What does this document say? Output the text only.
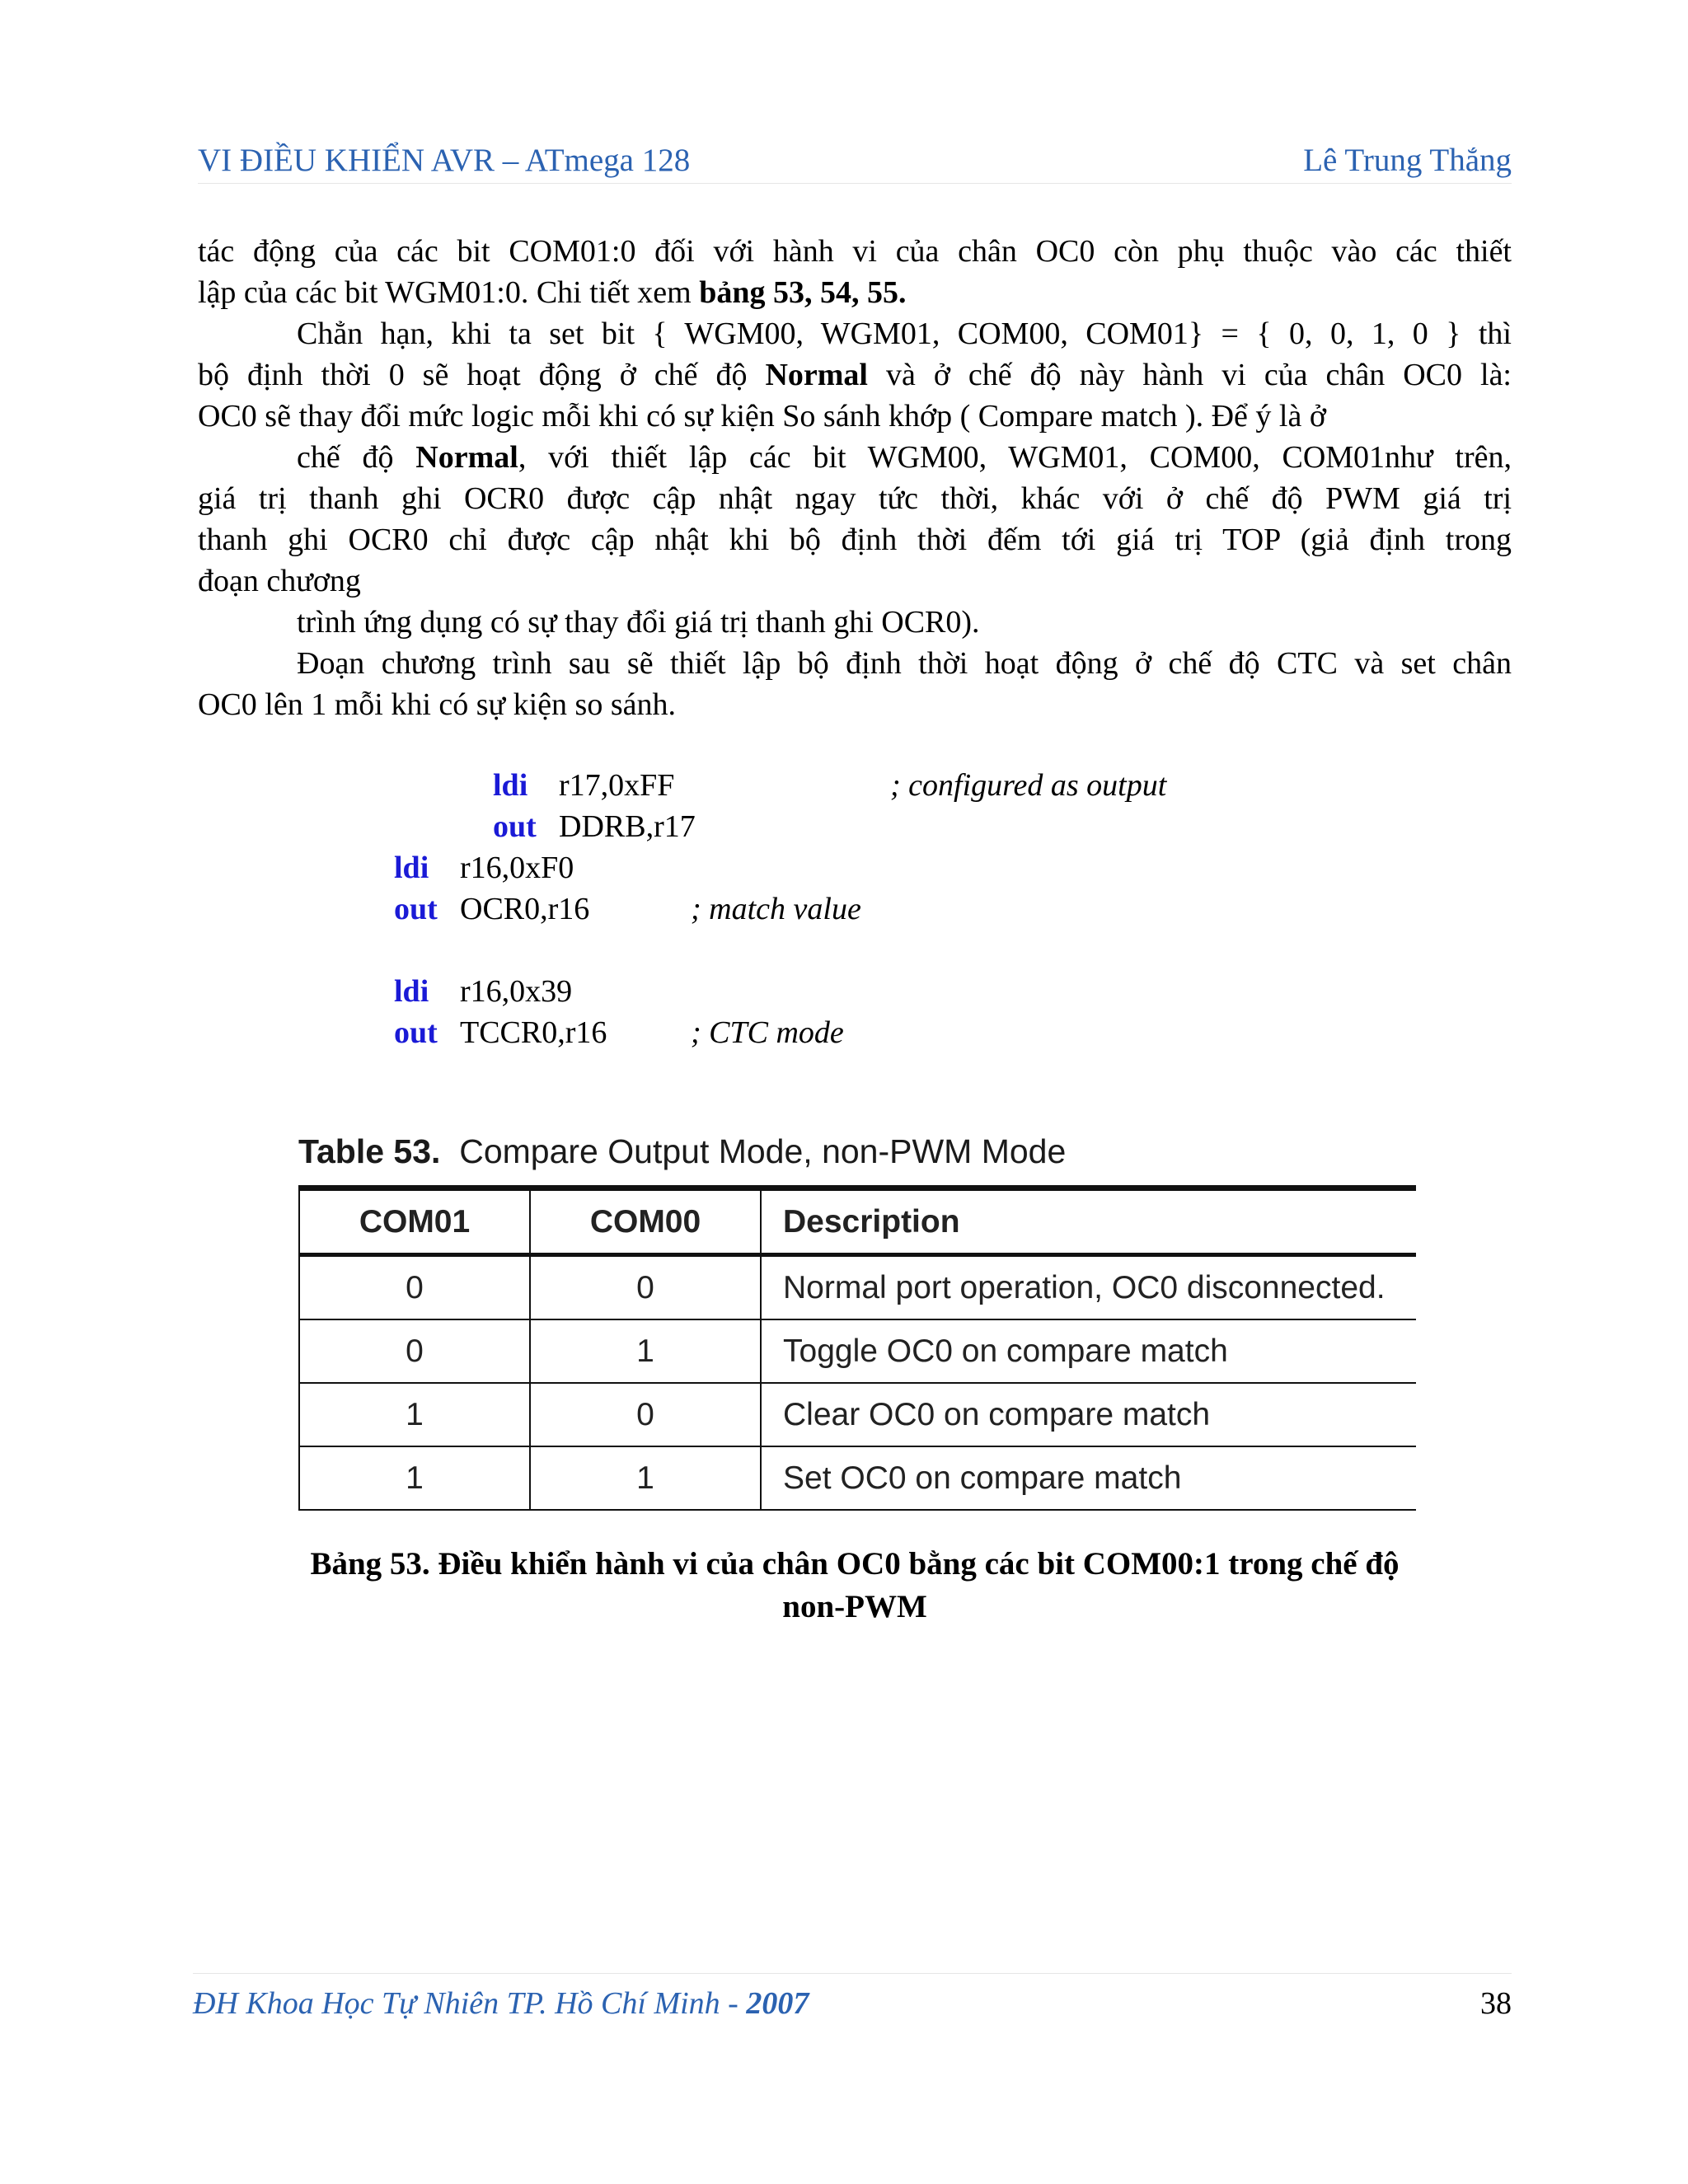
VI ĐIỀU KHIỂN AVR – ATmega 128	Lê Trung Thắng
tác động của các bit COM01:0 đối với hành vi của chân OC0 còn phụ thuộc vào các thiết
lập của các bit WGM01:0. Chi tiết xem bảng 53, 54, 55.
Chẳn hạn, khi ta set bit { WGM00, WGM01, COM00, COM01} = { 0, 0, 1, 0 } thì
bộ định thời 0 sẽ hoạt động ở chế độ Normal và ở chế độ này hành vi của chân OC0 là:
OC0 sẽ thay đổi mức logic mỗi khi có sự kiện So sánh khớp ( Compare match ). Để ý là ở
chế độ Normal, với thiết lập các bit WGM00, WGM01, COM00, COM01như trên,
giá trị thanh ghi OCR0 được cập nhật ngay tức thời, khác với ở chế độ PWM giá trị
thanh ghi OCR0 chỉ được cập nhật khi bộ định thời đếm tới giá trị TOP (giả định trong
đoạn chương
trình ứng dụng có sự thay đổi giá trị thanh ghi OCR0).
Đoạn chương trình sau sẽ thiết lập bộ định thời hoạt động ở chế độ CTC và set chân
OC0 lên 1 mỗi khi có sự kiện so sánh.
ldi r17,0xFF	; configured as output
out DDRB,r17
ldi r16,0xF0
out OCR0,r16	; match value
ldi r16,0x39
out TCCR0,r16	; CTC mode
Table 53. Compare Output Mode, non-PWM Mode
COM01	COM00	Description
0	0	Normal port operation, OC0 disconnected.
0	1	Toggle OC0 on compare match
1	0	Clear OC0 on compare match
1	1	Set OC0 on compare match
Bảng 53. Điều khiển hành vi của chân OC0 bằng các bit COM00:1 trong chế độ
non-PWM
ĐH Khoa Học Tự Nhiên TP. Hồ Chí Minh - 2007	38
